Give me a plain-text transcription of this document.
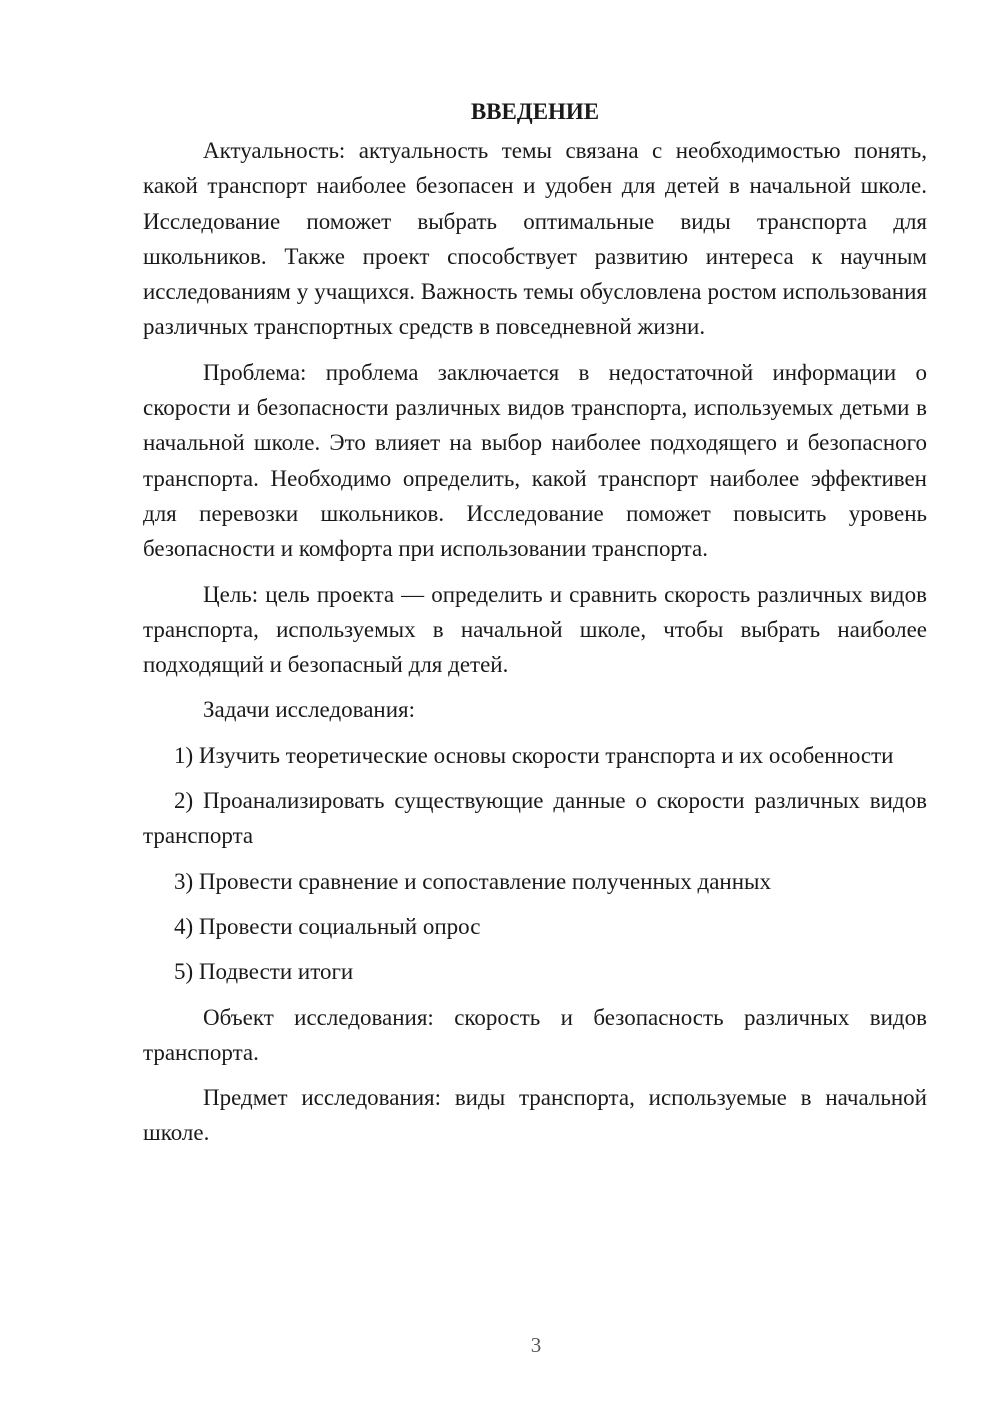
ВВЕДЕНИЕ

Актуальность: актуальность темы связана с необходимостью понять, какой транспорт наиболее безопасен и удобен для детей в начальной школе. Исследование поможет выбрать оптимальные виды транспорта для школьников. Также проект способствует развитию интереса к научным исследованиям у учащихся. Важность темы обусловлена ростом использования различных транспортных средств в повседневной жизни.

Проблема: проблема заключается в недостаточной информации о скорости и безопасности различных видов транспорта, используемых детьми в начальной школе. Это влияет на выбор наиболее подходящего и безопасного транспорта. Необходимо определить, какой транспорт наиболее эффективен для перевозки школьников. Исследование поможет повысить уровень безопасности и комфорта при использовании транспорта.

Цель: цель проекта — определить и сравнить скорость различных видов транспорта, используемых в начальной школе, чтобы выбрать наиболее подходящий и безопасный для детей.

Задачи исследования:

1) Изучить теоретические основы скорости транспорта и их особенности

2) Проанализировать существующие данные о скорости различных видов транспорта

3) Провести сравнение и сопоставление полученных данных

4) Провести социальный опрос

5) Подвести итоги

Объект исследования: скорость и безопасность различных видов транспорта.

Предмет исследования: виды транспорта, используемые в начальной школе.

3
